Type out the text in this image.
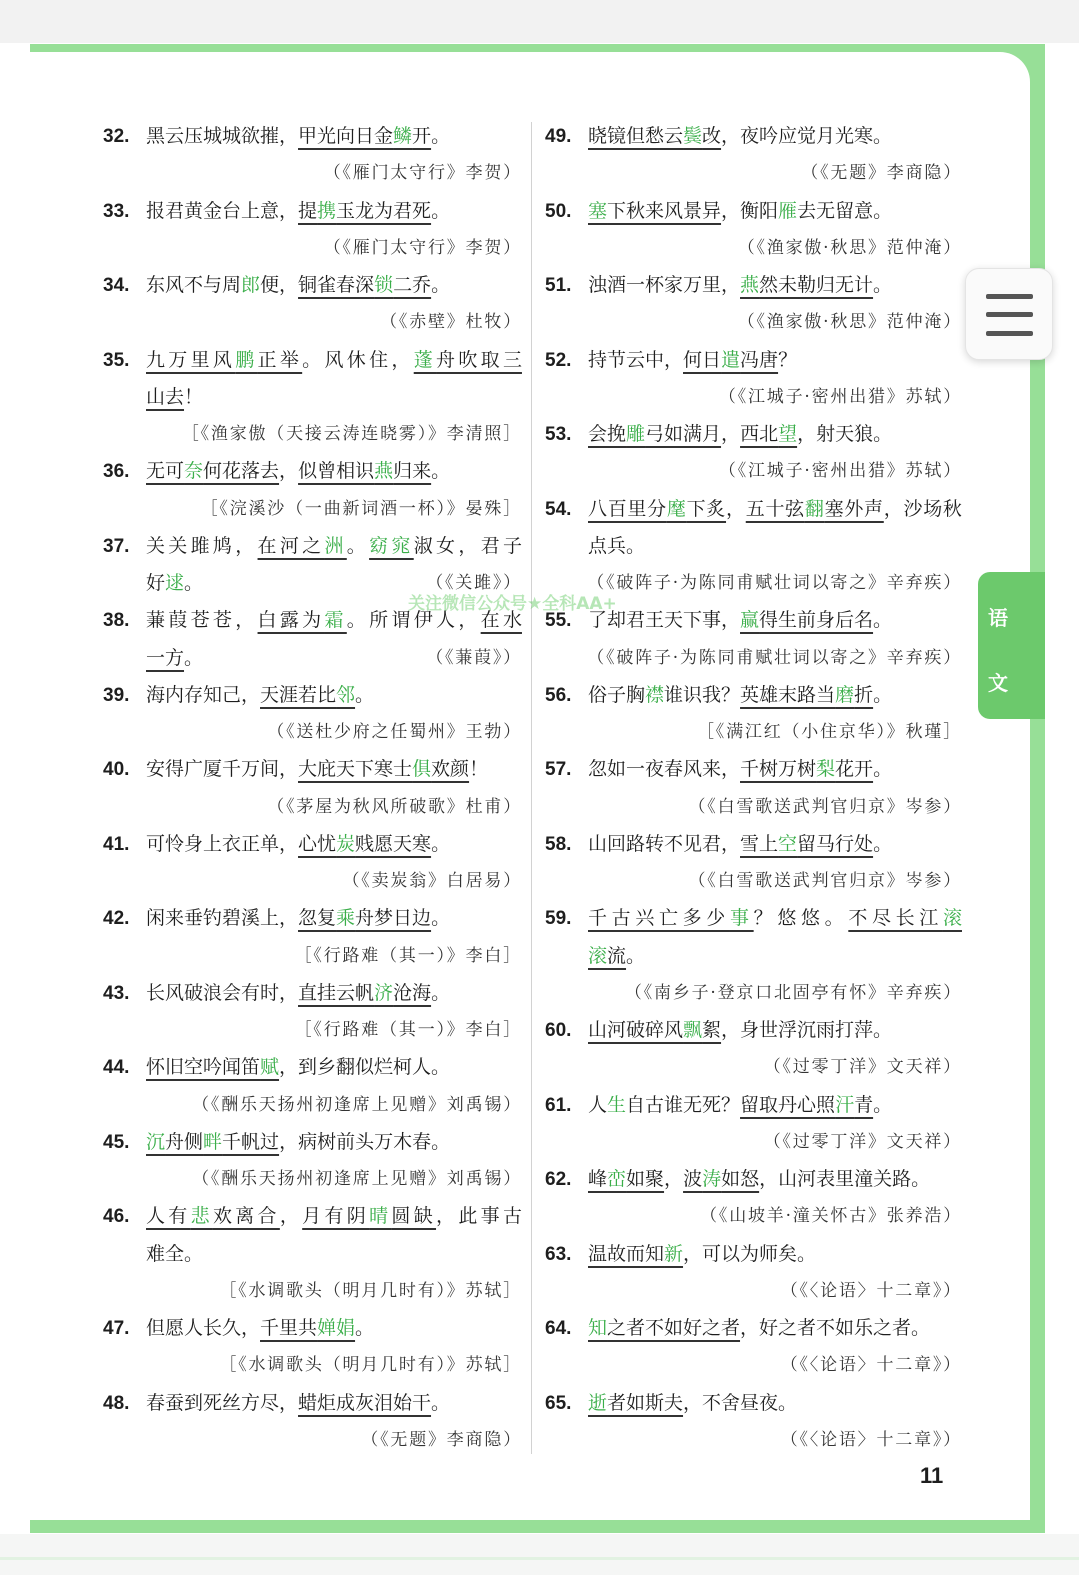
32. 黑云压城城欲摧，甲光向日金鳞开。
（《雁门太守行》李贺）
33. 报君黄金台上意，提携玉龙为君死。
（《雁门太守行》李贺）
34. 东风不与周郎便，铜雀春深锁二乔。
（《赤壁》杜牧）
35. 九万里风鹏正举。风休住，蓬舟吹取三
山去！
［《渔家傲（天接云涛连晓雾）》李清照］
36. 无可奈何花落去，似曾相识燕归来。
［《浣溪沙（一曲新词酒一杯）》晏殊］
37. 关关雎鸠，在河之洲。窈窕淑女，君子
好逑。	（《关雎》）
38. 蒹葭苍苍，白露为霜。所谓伊人，在水
一方。	（《蒹葭》）
39. 海内存知己，天涯若比邻。
（《送杜少府之任蜀州》王勃）
40. 安得广厦千万间，大庇天下寒士俱欢颜！
（《茅屋为秋风所破歌》杜甫）
41. 可怜身上衣正单，心忧炭贱愿天寒。
（《卖炭翁》白居易）
42. 闲来垂钓碧溪上，忽复乘舟梦日边。
［《行路难（其一）》李白］
43. 长风破浪会有时，直挂云帆济沧海。
［《行路难（其一）》李白］
44. 怀旧空吟闻笛赋，到乡翻似烂柯人。
（《酬乐天扬州初逢席上见赠》刘禹锡）
45. 沉舟侧畔千帆过，病树前头万木春。
（《酬乐天扬州初逢席上见赠》刘禹锡）
46. 人有悲欢离合，月有阴晴圆缺，此事古
难全。
［《水调歌头（明月几时有）》苏轼］
47. 但愿人长久，千里共婵娟。
［《水调歌头（明月几时有）》苏轼］
48. 春蚕到死丝方尽，蜡炬成灰泪始干。
（《无题》李商隐）
49. 晓镜但愁云鬓改，夜吟应觉月光寒。
（《无题》李商隐）
50. 塞下秋来风景异，衡阳雁去无留意。
（《渔家傲·秋思》范仲淹）
51. 浊酒一杯家万里，燕然未勒归无计。
（《渔家傲·秋思》范仲淹）
52. 持节云中，何日遣冯唐？
（《江城子·密州出猎》苏轼）
53. 会挽雕弓如满月，西北望，射天狼。
（《江城子·密州出猎》苏轼）
54. 八百里分麾下炙，五十弦翻塞外声，沙场秋
点兵。
（《破阵子·为陈同甫赋壮词以寄之》辛弃疾）
55. 了却君王天下事，赢得生前身后名。
（《破阵子·为陈同甫赋壮词以寄之》辛弃疾）
56. 俗子胸襟谁识我？英雄末路当磨折。
［《满江红（小住京华）》秋瑾］
57. 忽如一夜春风来，千树万树梨花开。
（《白雪歌送武判官归京》岑参）
58. 山回路转不见君，雪上空留马行处。
（《白雪歌送武判官归京》岑参）
59. 千古兴亡多少事？悠悠。不尽长江滚
滚流。
（《南乡子·登京口北固亭有怀》辛弃疾）
60. 山河破碎风飘絮，身世浮沉雨打萍。
（《过零丁洋》文天祥）
61. 人生自古谁无死？留取丹心照汗青。
（《过零丁洋》文天祥）
62. 峰峦如聚，波涛如怒，山河表里潼关路。
（《山坡羊·潼关怀古》张养浩）
63. 温故而知新，可以为师矣。
（《〈论语〉十二章》）
64. 知之者不如好之者，好之者不如乐之者。
（《〈论语〉十二章》）
65. 逝者如斯夫，不舍昼夜。
（《〈论语〉十二章》）
关注微信公众号★全科AA+
语
文
11
